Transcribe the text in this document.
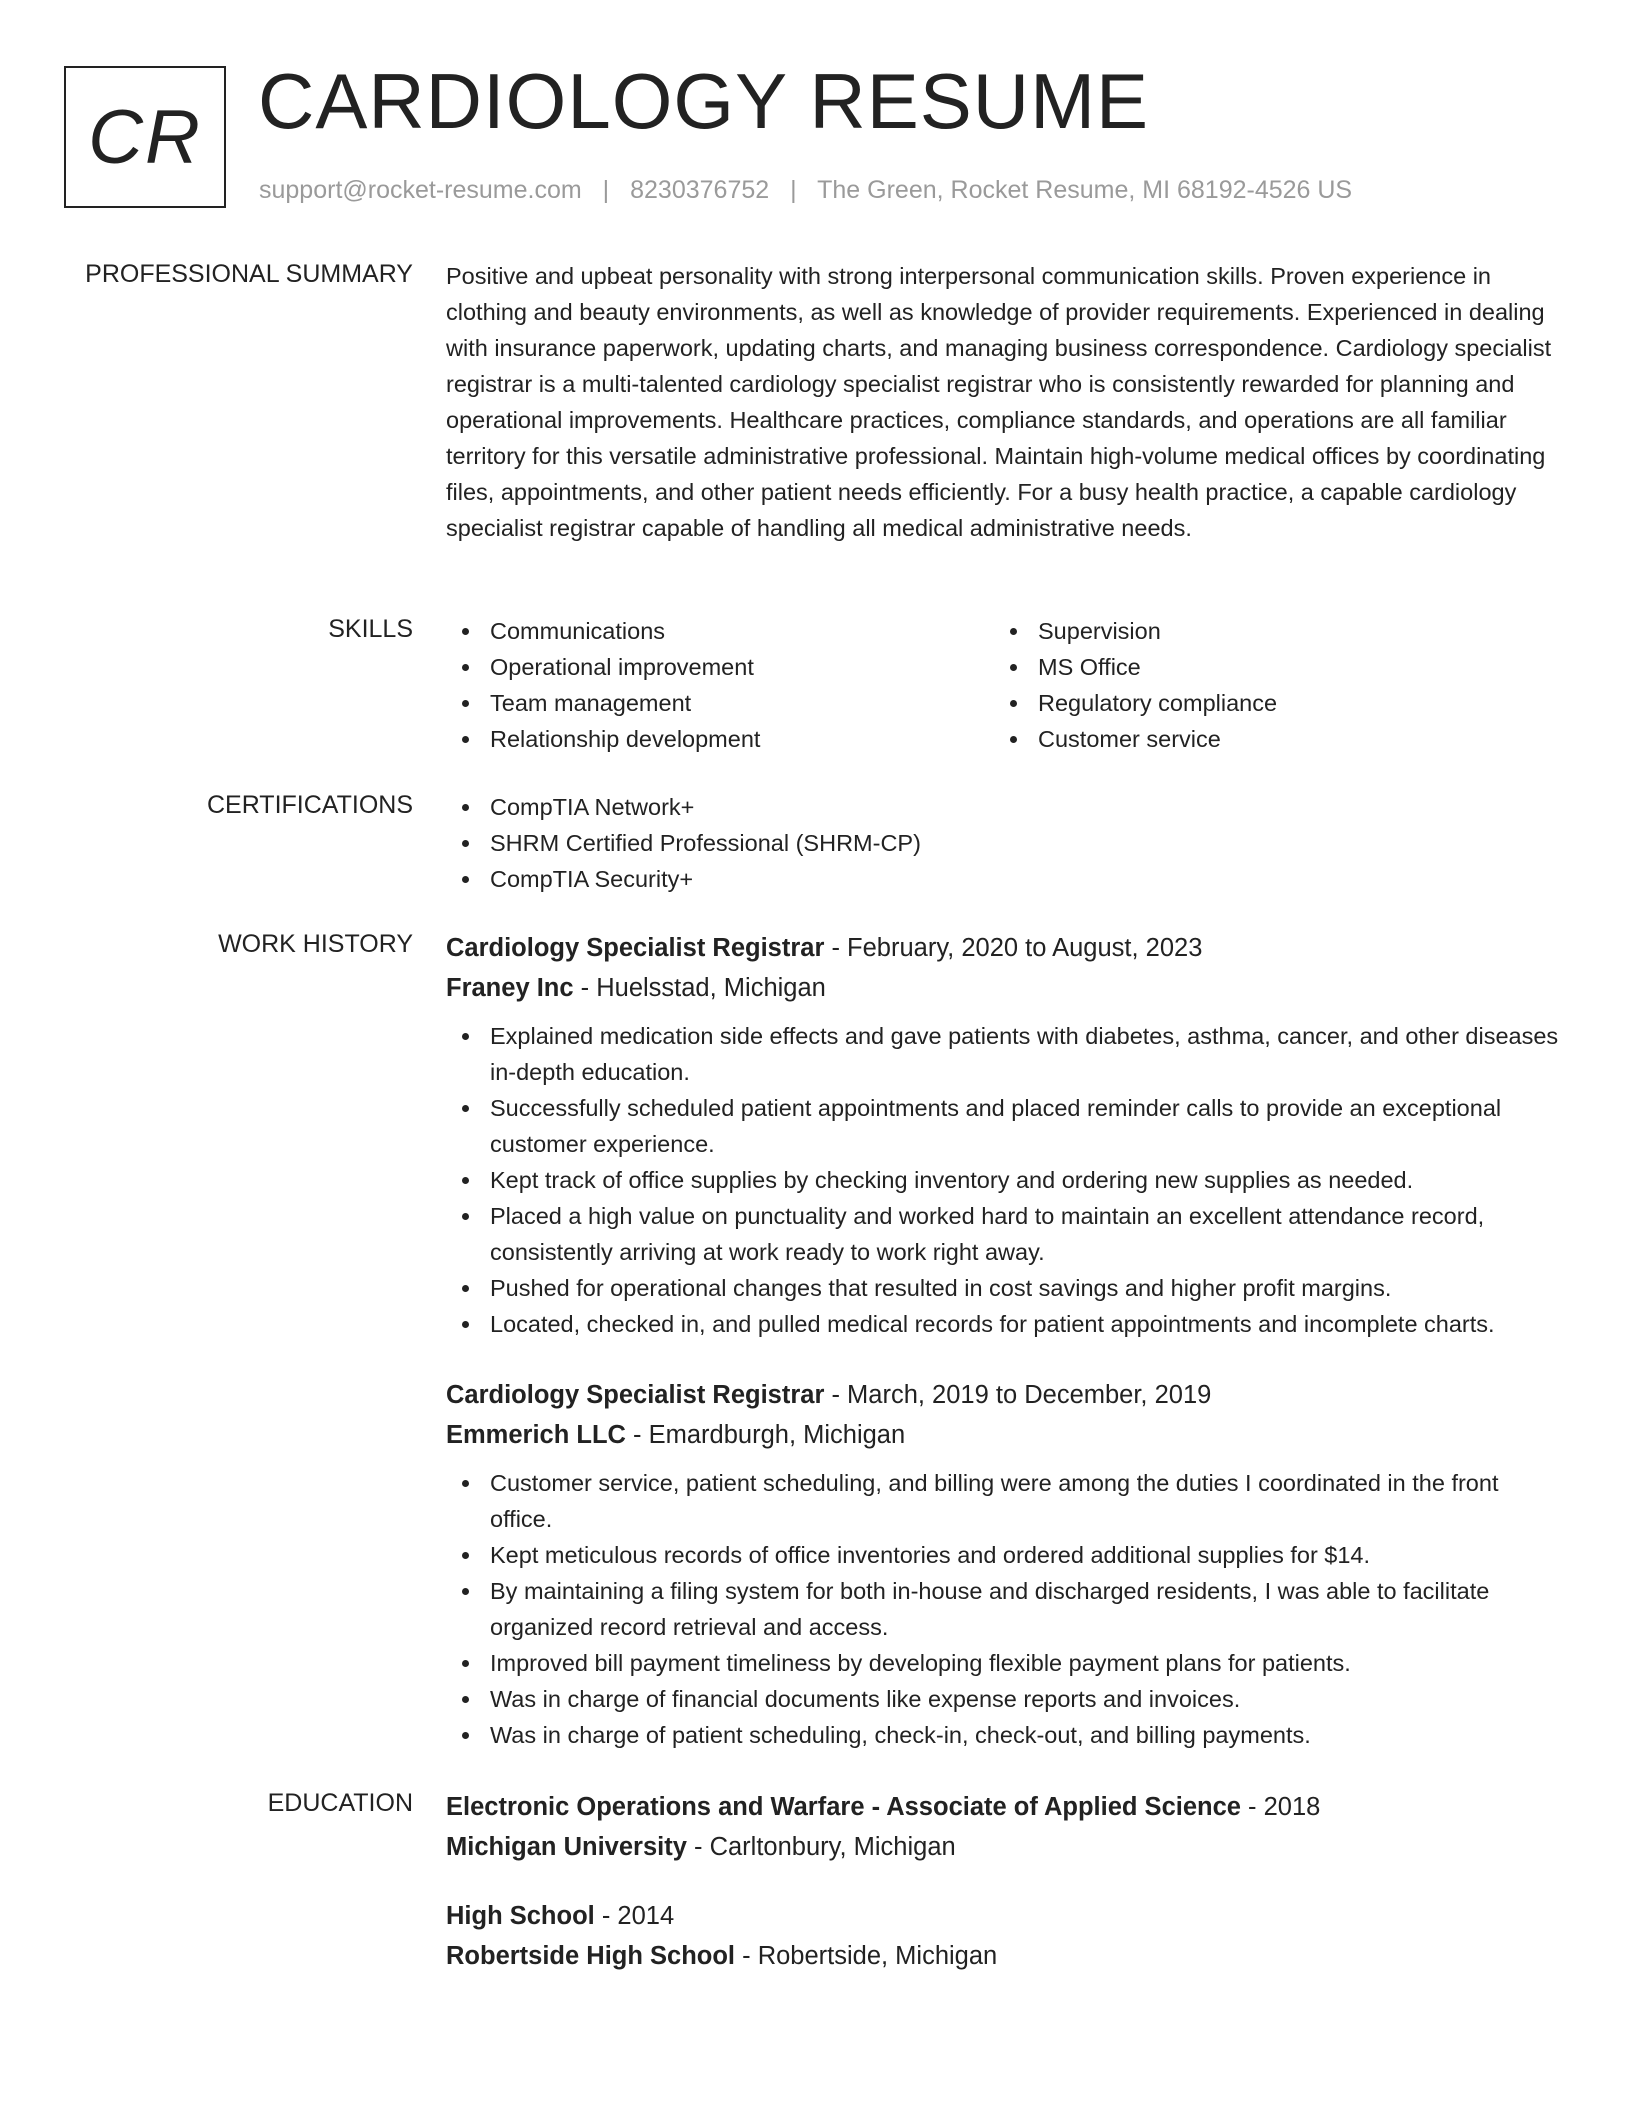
CR CARDIOLOGY RESUME
support@rocket-resume.com | 8230376752 | The Green, Rocket Resume, MI 68192-4526 US
PROFESSIONAL SUMMARY Positive and upbeat personality with strong interpersonal communication skills. Proven experience in clothing and beauty environments, as well as knowledge of provider requirements. Experienced in dealing with insurance paperwork, updating charts, and managing business correspondence. Cardiology specialist registrar is a multi-talented cardiology specialist registrar who is consistently rewarded for planning and operational improvements. Healthcare practices, compliance standards, and operations are all familiar territory for this versatile administrative professional. Maintain high-volume medical offices by coordinating files, appointments, and other patient needs efficiently. For a busy health practice, a capable cardiology specialist registrar capable of handling all medical administrative needs.
SKILLS	Communications
Operational improvement
Team management
Relationship development
Supervision
MS Office
Regulatory compliance
Customer service
CERTIFICATIONS	CompTIA Network+
SHRM Certified Professional (SHRM-CP)
CompTIA Security+
WORK HISTORY Cardiology Specialist Registrar - February, 2020 to August, 2023
Franey Inc - Huelsstad, Michigan
Explained medication side effects and gave patients with diabetes, asthma, cancer, and other diseases in-depth education.
Successfully scheduled patient appointments and placed reminder calls to provide an exceptional customer experience.
Kept track of office supplies by checking inventory and ordering new supplies as needed.
Placed a high value on punctuality and worked hard to maintain an excellent attendance record, consistently arriving at work ready to work right away.
Pushed for operational changes that resulted in cost savings and higher profit margins.
Located, checked in, and pulled medical records for patient appointments and incomplete charts.
Cardiology Specialist Registrar - March, 2019 to December, 2019
Emmerich LLC - Emardburgh, Michigan
Customer service, patient scheduling, and billing were among the duties I coordinated in the front office.
Kept meticulous records of office inventories and ordered additional supplies for $14.
By maintaining a filing system for both in-house and discharged residents, I was able to facilitate organized record retrieval and access.
Improved bill payment timeliness by developing flexible payment plans for patients.
Was in charge of financial documents like expense reports and invoices.
Was in charge of patient scheduling, check-in, check-out, and billing payments.
EDUCATION Electronic Operations and Warfare - Associate of Applied Science - 2018
Michigan University - Carltonbury, Michigan
High School - 2014
Robertside High School - Robertside, Michigan
